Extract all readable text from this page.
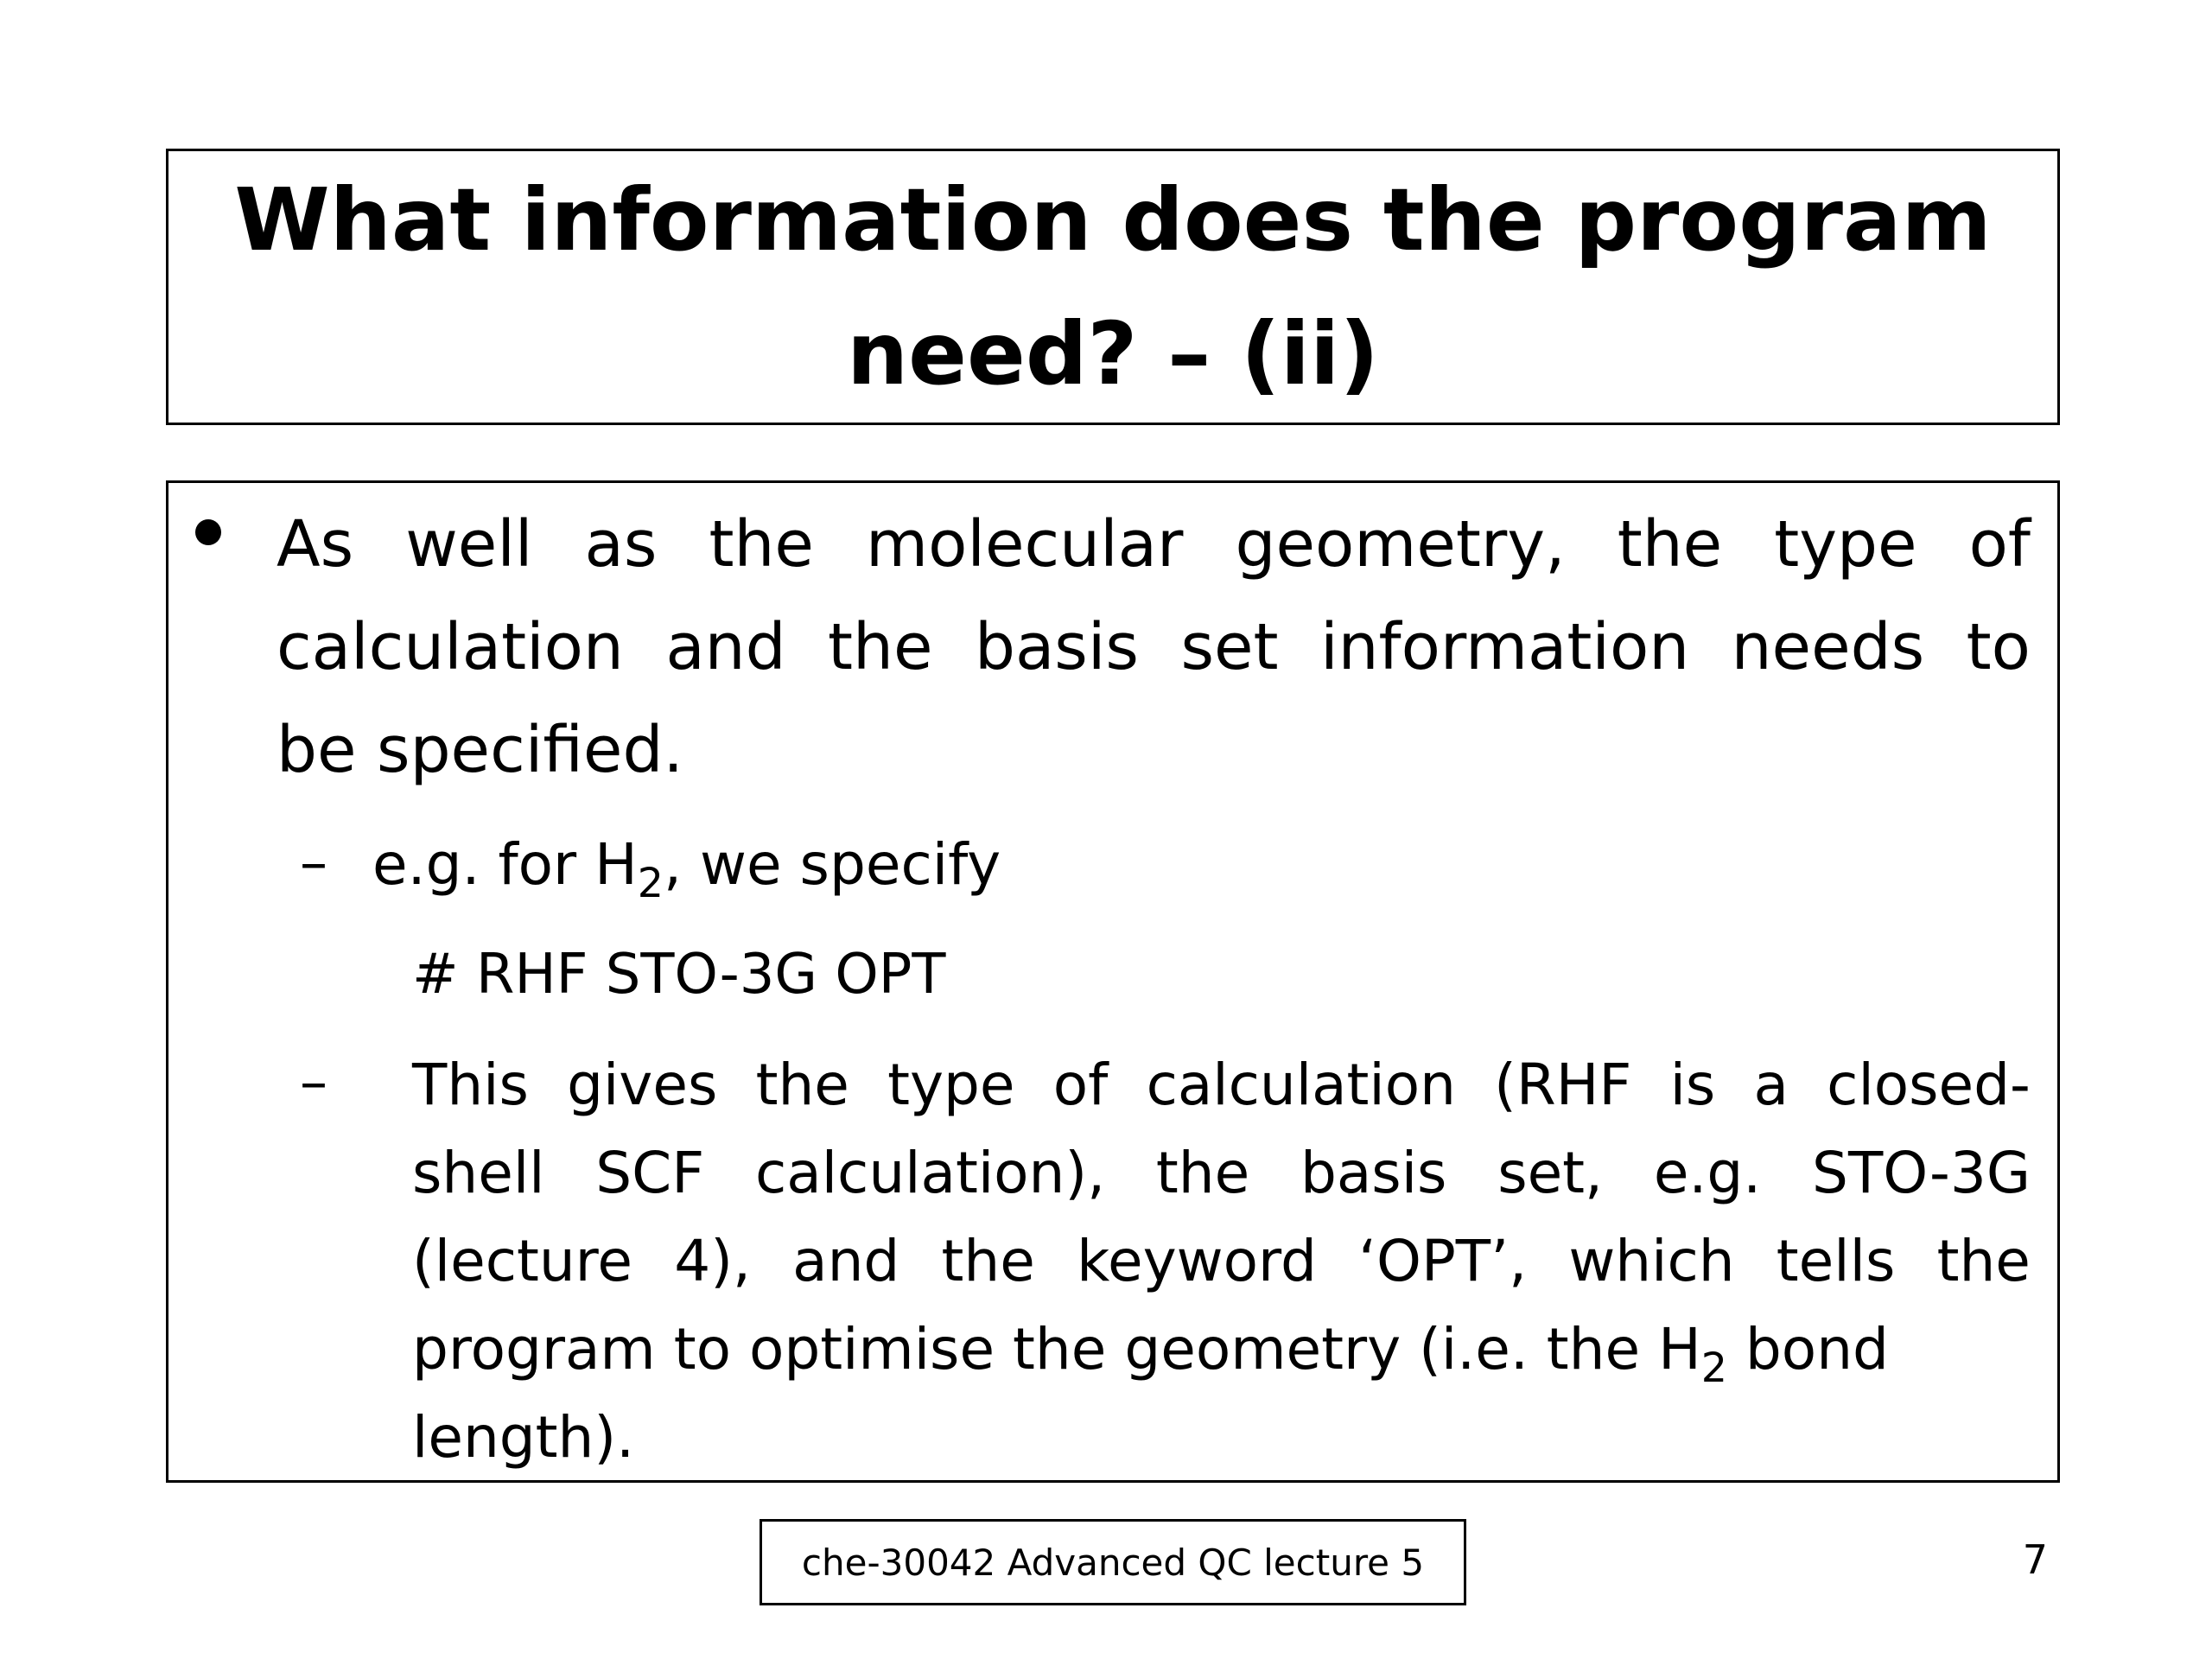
What information does the program
need? – (ii)
As well as the molecular geometry, the type of
calculation and the basis set information needs to
be specified.
– e.g. for $H_2$, we specify
# RHF STO-3G OPT
– This gives the type of calculation (RHF is a closed-
shell SCF calculation), the basis set, e.g. STO-3G
(lecture 4), and the keyword ‘OPT’, which tells the
program to optimise the geometry (i.e. the $H_2$ bond
length).
che-30042 Advanced QC lecture 5	7
